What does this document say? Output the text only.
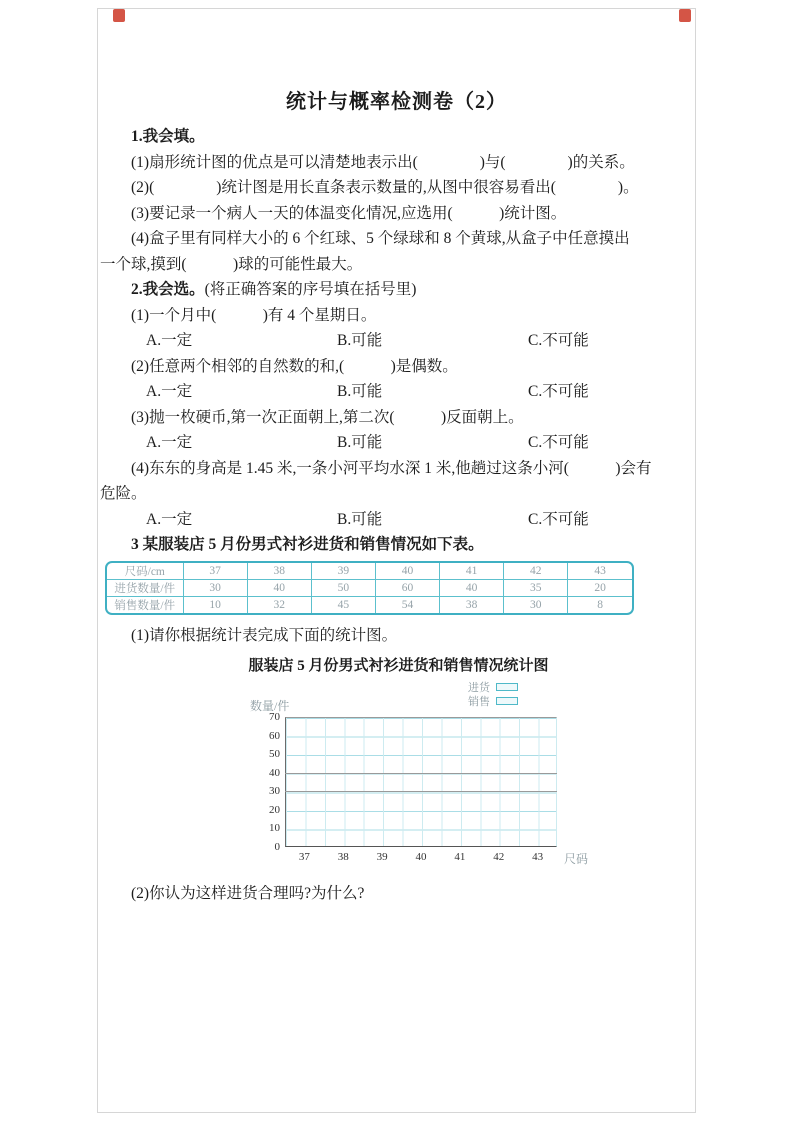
统计与概率检测卷（2）

1.我会填。

(1)扇形统计图的优点是可以清楚地表示出(　　　　)与(　　　　)的关系。

(2)(　　　　)统计图是用长直条表示数量的,从图中很容易看出(　　　　)。

(3)要记录一个病人一天的体温变化情况,应选用(　　　)统计图。

(4)盒子里有同样大小的 6 个红球、5 个绿球和 8 个黄球,从盒子中任意摸出

一个球,摸到(　　　)球的可能性最大。

2.我会选。(将正确答案的序号填在括号里)

(1)一个月中(　　　)有 4 个星期日。

A.一定

	B.可能

	C.不可能

(2)任意两个相邻的自然数的和,(　　　)是偶数。

A.一定

	B.可能

	C.不可能

(3)抛一枚硬币,第一次正面朝上,第二次(　　　)反面朝上。

A.一定

	B.可能

	C.不可能

(4)东东的身高是 1.45 米,一条小河平均水深 1 米,他趟过这条小河(　　　)会有

危险。

A.一定

	B.可能

	C.不可能

3 某服装店 5 月份男式衬衫进货和销售情况如下表。

尺码/cm	37	38	39	40	41	42	43
进货数量/件	30	40	50	60	40	35	20
销售数量/件	10	32	45	54	38	30	8

(1)请你根据统计表完成下面的统计图。

服装店 5 月份男式衬衫进货和销售情况统计图

进货
销售
数量/件
70
60
50
40
30
20
10
0
37	38	39	40	41	42	43	尺码

(2)你认为这样进货合理吗?为什么?
